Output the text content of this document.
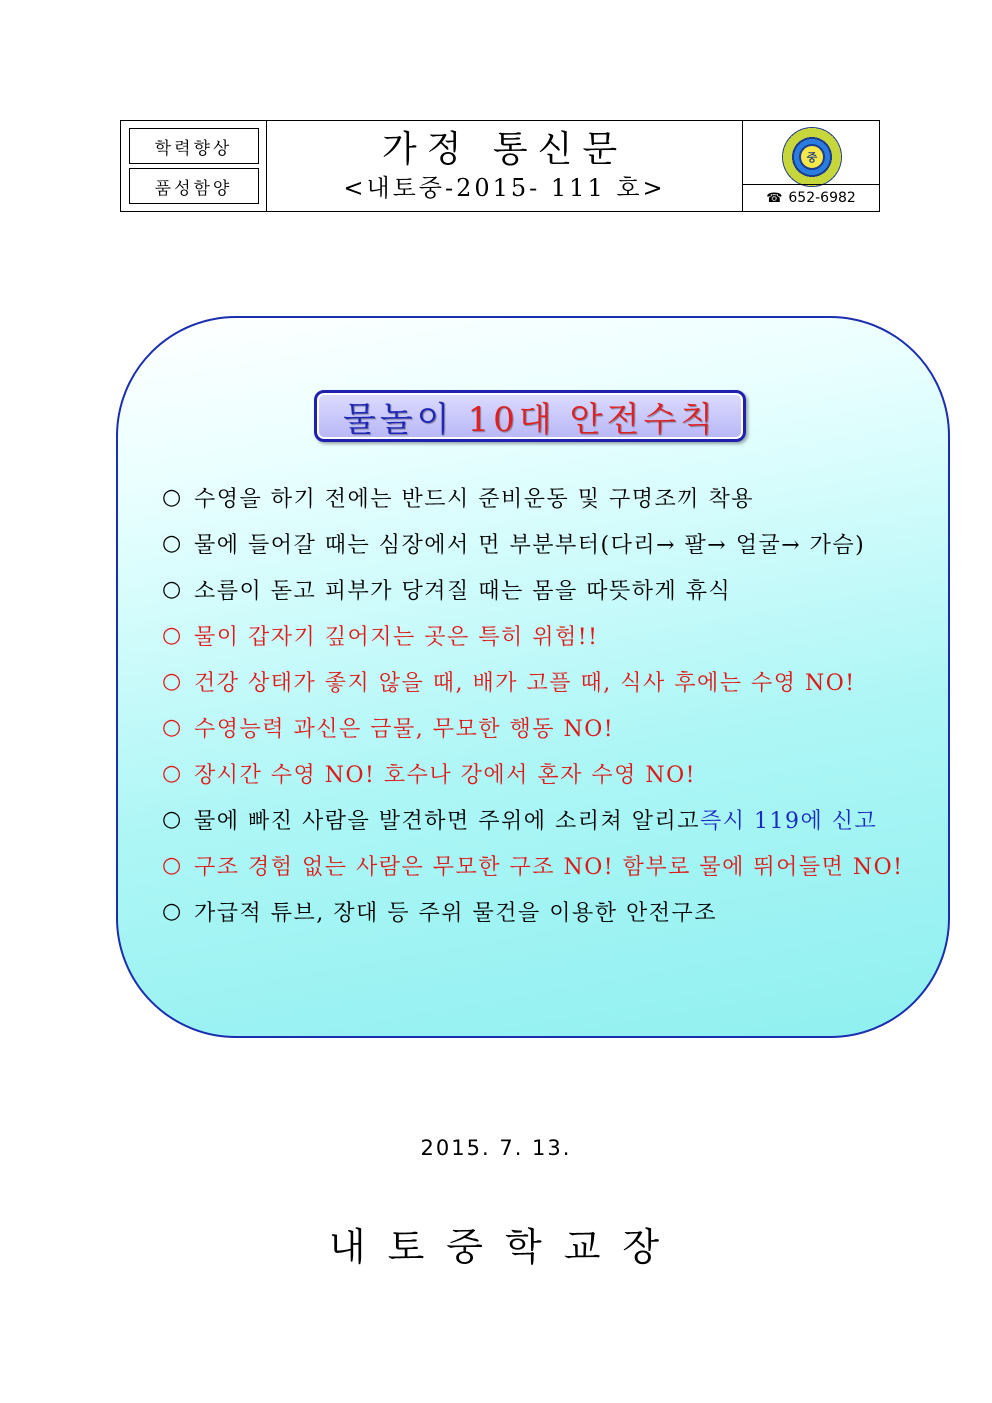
학력향상
품성함양
가정 통신문
<내토중-2015- 111 호>
중
☎ 652-6982
물놀이 10대 안전수칙
○ 수영을 하기 전에는 반드시 준비운동 및 구명조끼 착용
○ 물에 들어갈 때는 심장에서 먼 부분부터(다리→ 팔→ 얼굴→ 가슴)
○ 소름이 돋고 피부가 당겨질 때는 몸을 따뜻하게 휴식
○ 물이 갑자기 깊어지는 곳은 특히 위험!!
○ 건강 상태가 좋지 않을 때, 배가 고플 때, 식사 후에는 수영 NO!
○ 수영능력 과신은 금물, 무모한 행동 NO!
○ 장시간 수영 NO! 호수나 강에서 혼자 수영 NO!
○ 물에 빠진 사람을 발견하면 주위에 소리쳐 알리고 즉시 119에 신고
○ 구조 경험 없는 사람은 무모한 구조 NO! 함부로 물에 뛰어들면 NO!
○ 가급적 튜브, 장대 등 주위 물건을 이용한 안전구조
2015. 7. 13.
내토중학교장
